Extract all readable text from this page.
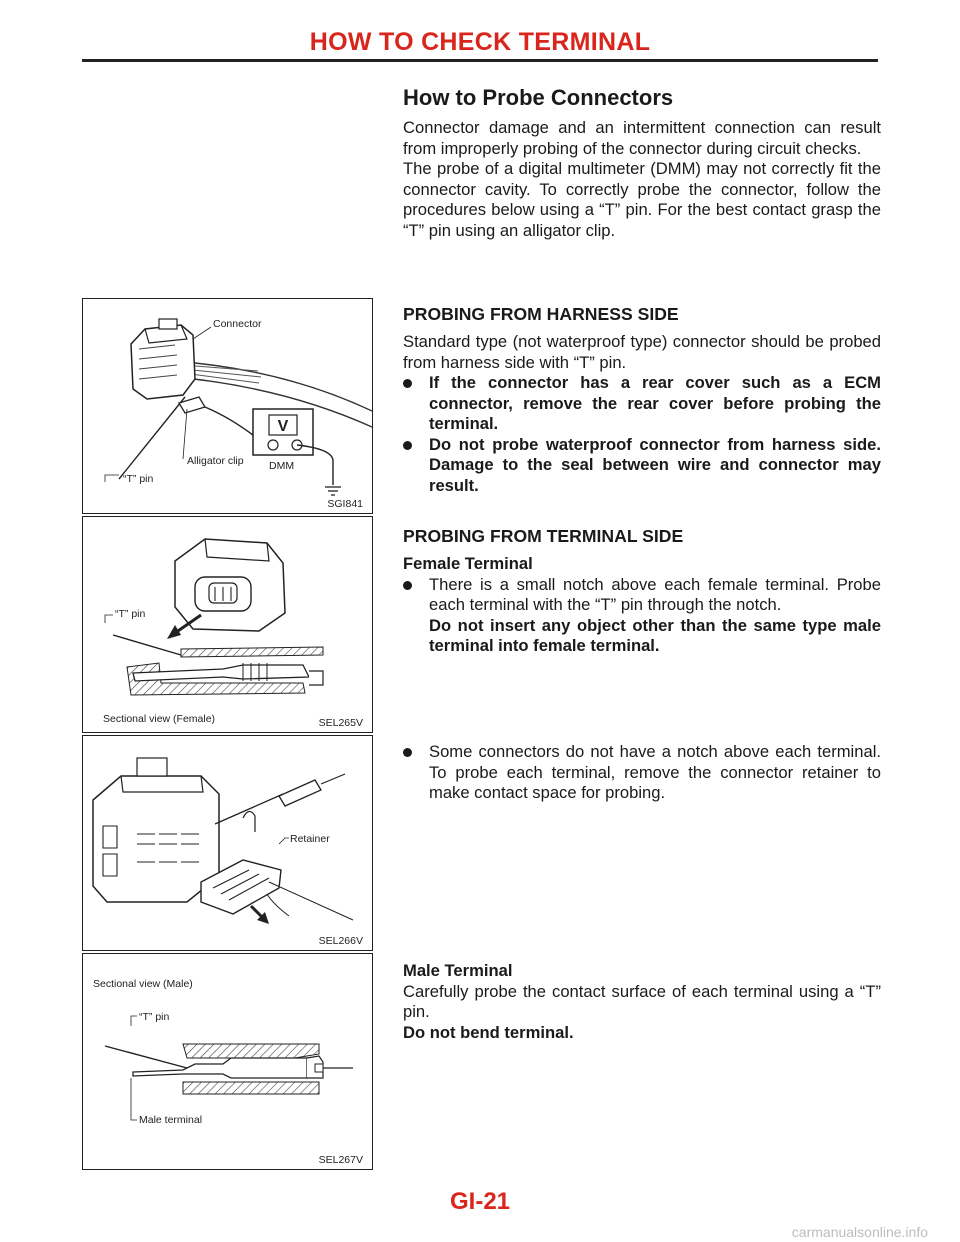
HOW TO CHECK TERMINAL
How to Probe Connectors

Connector damage and an intermittent connection can result from improperly probing of the connector during circuit checks.

The probe of a digital multimeter (DMM) may not correctly fit the connector cavity. To correctly probe the connector, follow the procedures below using a “T” pin. For the best contact grasp the “T” pin using an alligator clip.

PROBING FROM HARNESS SIDE

Standard type (not waterproof type) connector should be probed from harness side with “T” pin.

If the connector has a rear cover such as a ECM connector, remove the rear cover before probing the terminal.
Do not probe waterproof connector from harness side. Damage to the seal between wire and connector may result.
PROBING FROM TERMINAL SIDE

Female Terminal

There is a small notch above each female terminal. Probe each terminal with the “T” pin through the notch.
Do not insert any object other than the same type male terminal into female terminal.
Some connectors do not have a notch above each terminal. To probe each terminal, remove the connector retainer to make contact space for probing.

Male Terminal

Carefully probe the contact surface of each terminal using a “T” pin.

Do not bend terminal.

V
Connector
Alligator clip DMM
“T” pin
SGI841
“T” pin
Sectional view (Female)	SEL265V
Retainer
SEL266V
Sectional view (Male)
“T” pin
Male terminal
SEL267V
GI-21
carmanualsonline.info
